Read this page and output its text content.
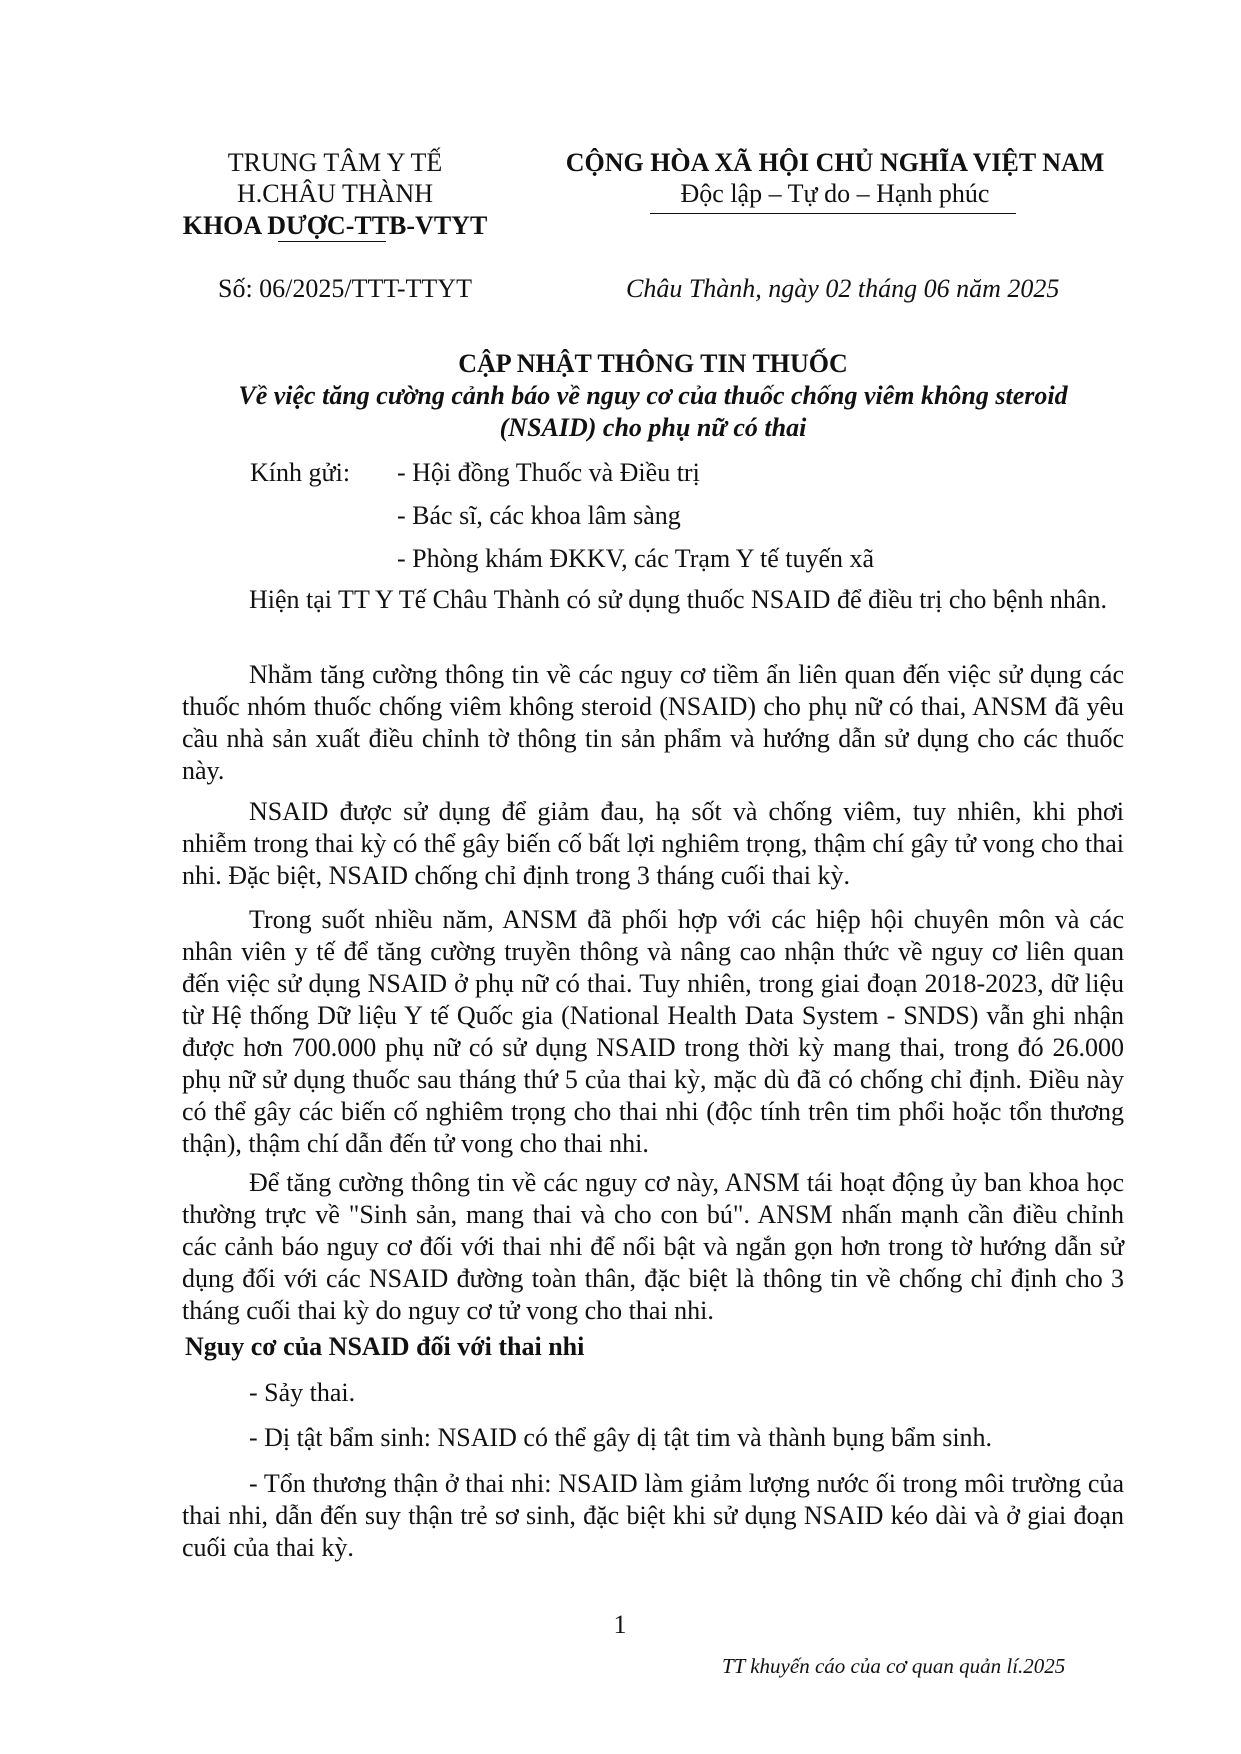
TRUNG TÂM Y TẾ
H.CHÂU THÀNH
KHOA DƯỢC-TTB-VTYT
CỘNG HÒA XÃ HỘI CHỦ NGHĨA VIỆT NAM
Độc lập – Tự do – Hạnh phúc
Số: 06/2025/TTT-TTYT	Châu Thành, ngày 02 tháng 06 năm 2025
CẬP NHẬT THÔNG TIN THUỐC
Về việc tăng cường cảnh báo về nguy cơ của thuốc chống viêm không steroid
(NSAID) cho phụ nữ có thai
Kính gửi: - Hội đồng Thuốc và Điều trị
- Bác sĩ, các khoa lâm sàng
- Phòng khám ĐKKV, các Trạm Y tế tuyến xã
Hiện tại TT Y Tế Châu Thành có sử dụng thuốc NSAID để điều trị cho bệnh nhân.
Nhằm tăng cường thông tin về các nguy cơ tiềm ẩn liên quan đến việc sử dụng các thuốc nhóm thuốc chống viêm không steroid (NSAID) cho phụ nữ có thai, ANSM đã yêu cầu nhà sản xuất điều chỉnh tờ thông tin sản phẩm và hướng dẫn sử dụng cho các thuốc này.
NSAID được sử dụng để giảm đau, hạ sốt và chống viêm, tuy nhiên, khi phơi nhiễm trong thai kỳ có thể gây biến cố bất lợi nghiêm trọng, thậm chí gây tử vong cho thai nhi. Đặc biệt, NSAID chống chỉ định trong 3 tháng cuối thai kỳ.
Trong suốt nhiều năm, ANSM đã phối hợp với các hiệp hội chuyên môn và các nhân viên y tế để tăng cường truyền thông và nâng cao nhận thức về nguy cơ liên quan đến việc sử dụng NSAID ở phụ nữ có thai. Tuy nhiên, trong giai đoạn 2018-2023, dữ liệu từ Hệ thống Dữ liệu Y tế Quốc gia (National Health Data System - SNDS) vẫn ghi nhận được hơn 700.000 phụ nữ có sử dụng NSAID trong thời kỳ mang thai, trong đó 26.000 phụ nữ sử dụng thuốc sau tháng thứ 5 của thai kỳ, mặc dù đã có chống chỉ định. Điều này có thể gây các biến cố nghiêm trọng cho thai nhi (độc tính trên tim phổi hoặc tổn thương thận), thậm chí dẫn đến tử vong cho thai nhi.
Để tăng cường thông tin về các nguy cơ này, ANSM tái hoạt động ủy ban khoa học thường trực về "Sinh sản, mang thai và cho con bú". ANSM nhấn mạnh cần điều chỉnh các cảnh báo nguy cơ đối với thai nhi để nổi bật và ngắn gọn hơn trong tờ hướng dẫn sử dụng đối với các NSAID đường toàn thân, đặc biệt là thông tin về chống chỉ định cho 3 tháng cuối thai kỳ do nguy cơ tử vong cho thai nhi.
Nguy cơ của NSAID đối với thai nhi
- Sảy thai.
- Dị tật bẩm sinh: NSAID có thể gây dị tật tim và thành bụng bẩm sinh.
- Tổn thương thận ở thai nhi: NSAID làm giảm lượng nước ối trong môi trường của thai nhi, dẫn đến suy thận trẻ sơ sinh, đặc biệt khi sử dụng NSAID kéo dài và ở giai đoạn cuối của thai kỳ.
1
TT khuyến cáo của cơ quan quản lí.2025
